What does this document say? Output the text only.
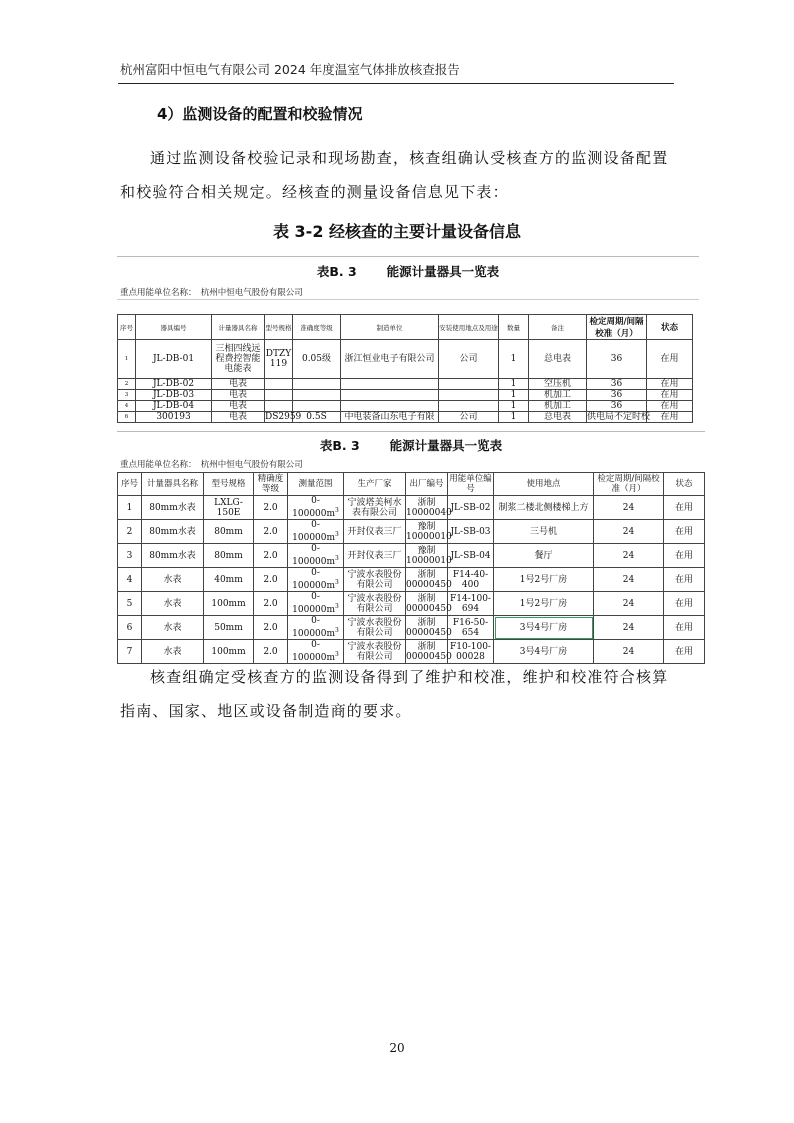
杭州富阳中恒电气有限公司 2024 年度温室气体排放核查报告
4）监测设备的配置和校验情况
通过监测设备校验记录和现场勘查，核查组确认受核查方的监测设备配置和校验符合相关规定。经核查的测量设备信息见下表：
表 3-2 经核查的主要计量设备信息
表B. 3 能源计量器具一览表
重点用能单位名称：　杭州中恒电气股份有限公司
序号	器具编号	计量器具名称	型号规格	准确度等级	制造单位	安装使用地点及用途	数量	备注	检定周期/间隔校准（月）	状态
1	JL-DB-01	三相四线远程费控智能电能表	DTZY119	0.05级	浙江恒业电子有限公司	公司	1	总电表	36	在用
2	JL-DB-02	电表					1	空压机	36	在用
3	JL-DB-03	电表					1	机加工	36	在用
4	JL-DB-04	电表					1	机加工	36	在用
6	300193	电表	DS2959	0.5S	中电装备山东电子有限	公司	1	总电表	供电局不定时校	在用
表B. 3 能源计量器具一览表
重点用能单位名称：　杭州中恒电气股份有限公司
序号	计量器具名称	型号规格	精确度等级	测量范围	生产厂家	出厂编号	用能单位编号	使用地点	检定周期/间隔校准（月）	状态
1	80mm水表	LXLG-150E	2.0	$0-100000m^3$	宁波塔美柯水表有限公司	浙制10000040	JL-SB-02	制浆二楼北侧楼梯上方	24	在用
2	80mm水表	80mm	2.0	$0-100000m^3$	开封仪表三厂	豫制10000010	JL-SB-03	三号机	24	在用
3	80mm水表	80mm	2.0	$0-100000m^3$	开封仪表三厂	豫制10000010	JL-SB-04	餐厅	24	在用
4	水表	40mm	2.0	$0-100000m^3$	宁波水表股份有限公司	浙制00000450	F14-40-400	1号2号厂房	24	在用
5	水表	100mm	2.0	$0-100000m^3$	宁波水表股份有限公司	浙制00000450	F14-100-694	1号2号厂房	24	在用
6	水表	50mm	2.0	$0-100000m^3$	宁波水表股份有限公司	浙制00000450	F16-50-654	3号4号厂房	24	在用
7	水表	100mm	2.0	$0-100000m^3$	宁波水表股份有限公司	浙制00000450	F10-100-00028	3号4号厂房	24	在用
核查组确定受核查方的监测设备得到了维护和校准，维护和校准符合核算指南、国家、地区或设备制造商的要求。
20
